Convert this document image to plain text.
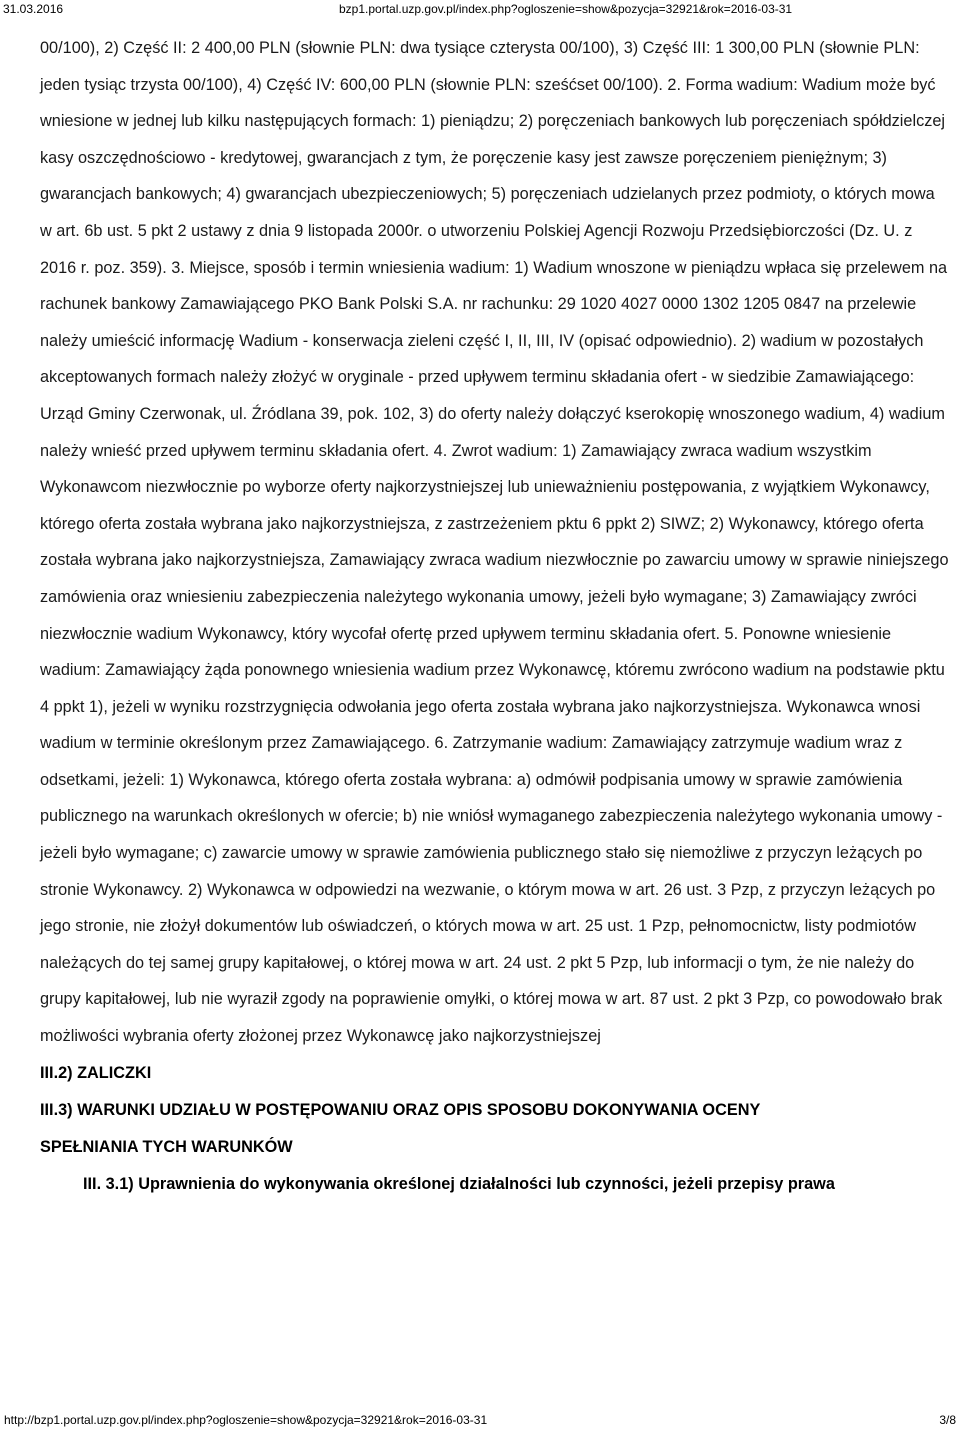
31.03.2016	bzp1.portal.uzp.gov.pl/index.php?ogloszenie=show&pozycja=32921&rok=2016-03-31

00/100), 2) Część II: 2 400,00 PLN (słownie PLN: dwa tysiące czterysta 00/100), 3) Część III: 1 300,00 PLN (słownie PLN: jeden tysiąc trzysta 00/100), 4) Część IV: 600,00 PLN (słownie PLN: sześćset 00/100). 2. Forma wadium: Wadium może być wniesione w jednej lub kilku następujących formach: 1) pieniądzu; 2) poręczeniach bankowych lub poręczeniach spółdzielczej kasy oszczędnościowo - kredytowej, gwarancjach z tym, że poręczenie kasy jest zawsze poręczeniem pieniężnym; 3) gwarancjach bankowych; 4) gwarancjach ubezpieczeniowych; 5) poręczeniach udzielanych przez podmioty, o których mowa w art. 6b ust. 5 pkt 2 ustawy z dnia 9 listopada 2000r. o utworzeniu Polskiej Agencji Rozwoju Przedsiębiorczości (Dz. U. z 2016 r. poz. 359). 3. Miejsce, sposób i termin wniesienia wadium: 1) Wadium wnoszone w pieniądzu wpłaca się przelewem na rachunek bankowy Zamawiającego PKO Bank Polski S.A. nr rachunku: 29 1020 4027 0000 1302 1205 0847 na przelewie należy umieścić informację Wadium - konserwacja zieleni część I, II, III, IV (opisać odpowiednio). 2) wadium w pozostałych akceptowanych formach należy złożyć w oryginale - przed upływem terminu składania ofert - w siedzibie Zamawiającego: Urząd Gminy Czerwonak, ul. Źródlana 39, pok. 102, 3) do oferty należy dołączyć kserokopię wnoszonego wadium, 4) wadium należy wnieść przed upływem terminu składania ofert. 4. Zwrot wadium: 1) Zamawiający zwraca wadium wszystkim Wykonawcom niezwłocznie po wyborze oferty najkorzystniejszej lub unieważnieniu postępowania, z wyjątkiem Wykonawcy, którego oferta została wybrana jako najkorzystniejsza, z zastrzeżeniem pktu 6 ppkt 2) SIWZ; 2) Wykonawcy, którego oferta została wybrana jako najkorzystniejsza, Zamawiający zwraca wadium niezwłocznie po zawarciu umowy w sprawie niniejszego zamówienia oraz wniesieniu zabezpieczenia należytego wykonania umowy, jeżeli było wymagane; 3) Zamawiający zwróci niezwłocznie wadium Wykonawcy, który wycofał ofertę przed upływem terminu składania ofert. 5. Ponowne wniesienie wadium: Zamawiający żąda ponownego wniesienia wadium przez Wykonawcę, któremu zwrócono wadium na podstawie pktu 4 ppkt 1), jeżeli w wyniku rozstrzygnięcia odwołania jego oferta została wybrana jako najkorzystniejsza. Wykonawca wnosi wadium w terminie określonym przez Zamawiającego. 6. Zatrzymanie wadium: Zamawiający zatrzymuje wadium wraz z odsetkami, jeżeli: 1) Wykonawca, którego oferta została wybrana: a) odmówił podpisania umowy w sprawie zamówienia publicznego na warunkach określonych w ofercie; b) nie wniósł wymaganego zabezpieczenia należytego wykonania umowy - jeżeli było wymagane; c) zawarcie umowy w sprawie zamówienia publicznego stało się niemożliwe z przyczyn leżących po stronie Wykonawcy. 2) Wykonawca w odpowiedzi na wezwanie, o którym mowa w art. 26 ust. 3 Pzp, z przyczyn leżących po jego stronie, nie złożył dokumentów lub oświadczeń, o których mowa w art. 25 ust. 1 Pzp, pełnomocnictw, listy podmiotów należących do tej samej grupy kapitałowej, o której mowa w art. 24 ust. 2 pkt 5 Pzp, lub informacji o tym, że nie należy do grupy kapitałowej, lub nie wyraził zgody na poprawienie omyłki, o której mowa w art. 87 ust. 2 pkt 3 Pzp, co powodowało brak możliwości wybrania oferty złożonej przez Wykonawcę jako najkorzystniejszej

III.2) ZALICZKI

III.3) WARUNKI UDZIAŁU W POSTĘPOWANIU ORAZ OPIS SPOSOBU DOKONYWANIA OCENY

SPEŁNIANIA TYCH WARUNKÓW

III. 3.1) Uprawnienia do wykonywania określonej działalności lub czynności, jeżeli przepisy prawa

http://bzp1.portal.uzp.gov.pl/index.php?ogloszenie=show&pozycja=32921&rok=2016-03-31	3/8
